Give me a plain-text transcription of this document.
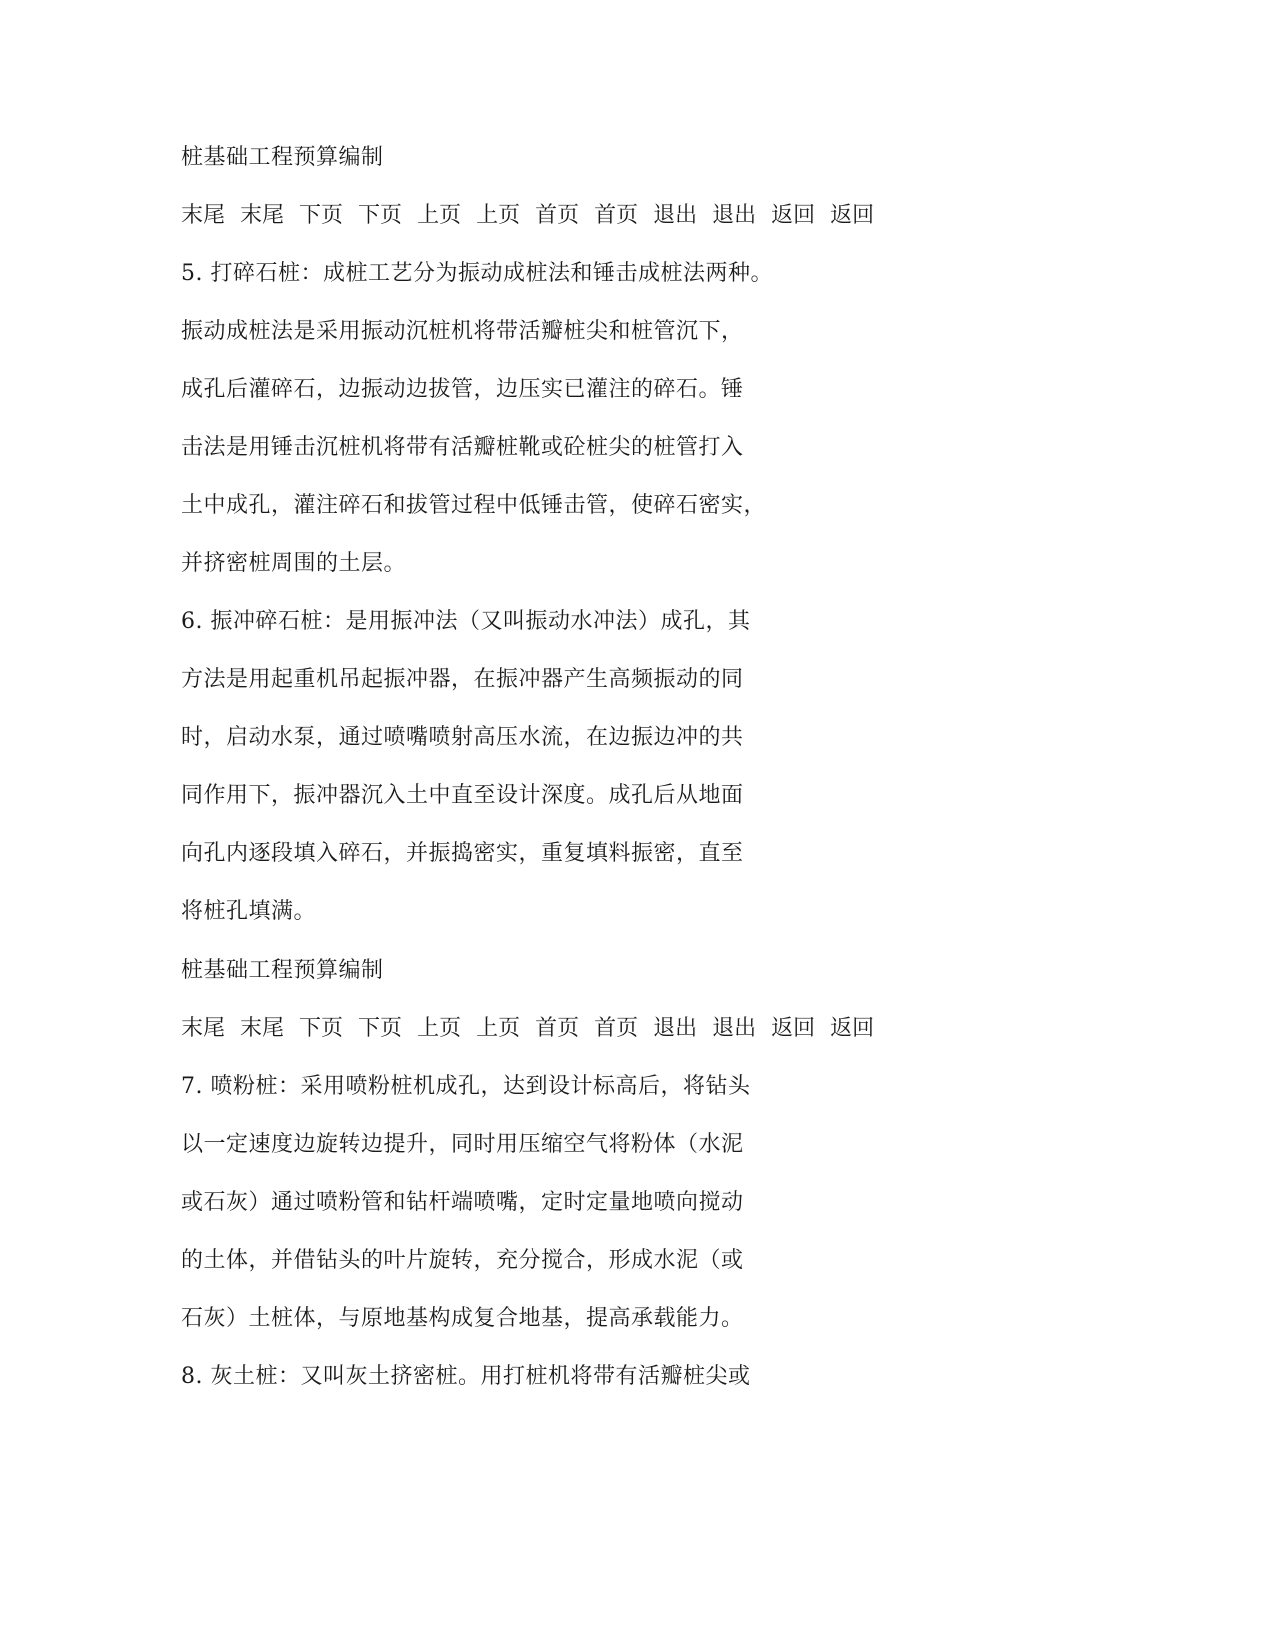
桩基础工程预算编制
末尾 末尾 下页 下页 上页 上页 首页 首页 退出 退出 返回 返回
5. 打碎石桩：成桩工艺分为振动成桩法和锤击成桩法两种。
振动成桩法是采用振动沉桩机将带活瓣桩尖和桩管沉下，
成孔后灌碎石，边振动边拔管，边压实已灌注的碎石。锤
击法是用锤击沉桩机将带有活瓣桩靴或砼桩尖的桩管打入
土中成孔，灌注碎石和拔管过程中低锤击管，使碎石密实，
并挤密桩周围的土层。
6. 振冲碎石桩：是用振冲法（又叫振动水冲法）成孔，其
方法是用起重机吊起振冲器，在振冲器产生高频振动的同
时，启动水泵，通过喷嘴喷射高压水流，在边振边冲的共
同作用下，振冲器沉入土中直至设计深度。成孔后从地面
向孔内逐段填入碎石，并振捣密实，重复填料振密，直至
将桩孔填满。
桩基础工程预算编制
末尾 末尾 下页 下页 上页 上页 首页 首页 退出 退出 返回 返回
7. 喷粉桩：采用喷粉桩机成孔，达到设计标高后，将钻头
以一定速度边旋转边提升，同时用压缩空气将粉体（水泥
或石灰）通过喷粉管和钻杆端喷嘴，定时定量地喷向搅动
的土体，并借钻头的叶片旋转，充分搅合，形成水泥（或
石灰）土桩体，与原地基构成复合地基，提高承载能力。
8. 灰土桩：又叫灰土挤密桩。用打桩机将带有活瓣桩尖或
